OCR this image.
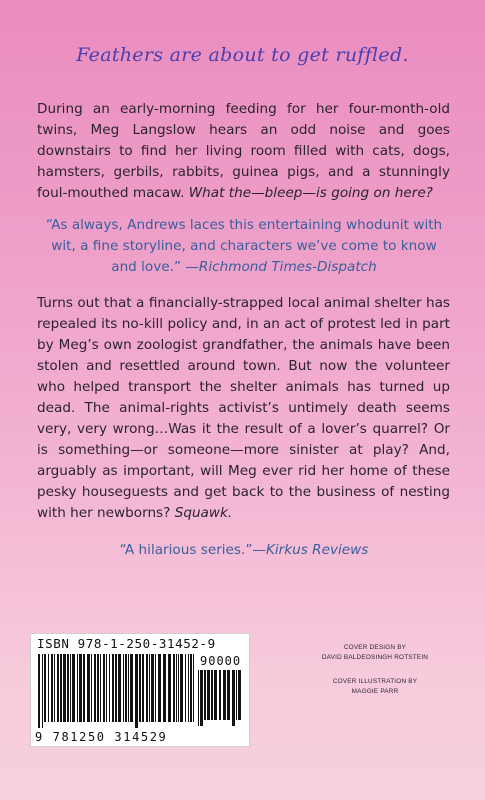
Feathers are about to get ruffled.
During an early-morning feeding for her four-month-old twins, Meg Langslow hears an odd noise and goes downstairs to find her living room filled with cats, dogs, hamsters, gerbils, rabbits, guinea pigs, and a stunningly foul-mouthed macaw. What the—bleep—is going on here?
“As always, Andrews laces this entertaining whodunit with wit, a fine storyline, and characters we’ve come to know and love.” —Richmond Times-Dispatch
Turns out that a financially-strapped local animal shelter has repealed its no-kill policy and, in an act of protest led in part by Meg’s own zoologist grandfather, the animals have been stolen and resettled around town. But now the volunteer who helped transport the shelter animals has turned up dead. The animal-rights activist’s untimely death seems very, very wrong…Was it the result of a lover’s quarrel? Or is something—or someone—more sinister at play? And, arguably as important, will Meg ever rid her home of these pesky houseguests and get back to the business of nesting with her newborns? Squawk.
“A hilarious series.”—Kirkus Reviews
ISBN 978-1-250-31452-9
90000
9 781250 314529
COVER DESIGN BY
DAVID BALDEOSINGH ROTSTEIN
COVER ILLUSTRATION BY
MAGGIE PARR
